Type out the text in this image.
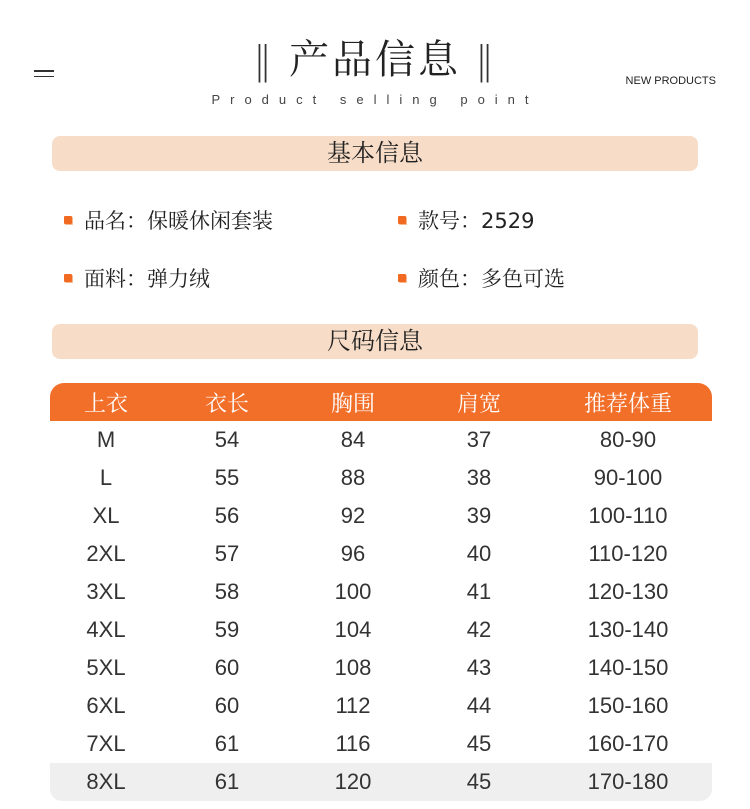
‖ 产品信息 ‖	NEW PRODUCTS
Product selling point
基本信息
品名：保暖休闲套装	款号：2529
面料：弹力绒	颜色：多色可选
尺码信息
上衣	衣长	胸围	肩宽	推荐体重
M	54	84	37	80-90
L	55	88	38	90-100
XL	56	92	39	100-110
2XL	57	96	40	110-120
3XL	58	100	41	120-130
4XL	59	104	42	130-140
5XL	60	108	43	140-150
6XL	60	112	44	150-160
7XL	61	116	45	160-170
8XL	61	120	45	170-180
